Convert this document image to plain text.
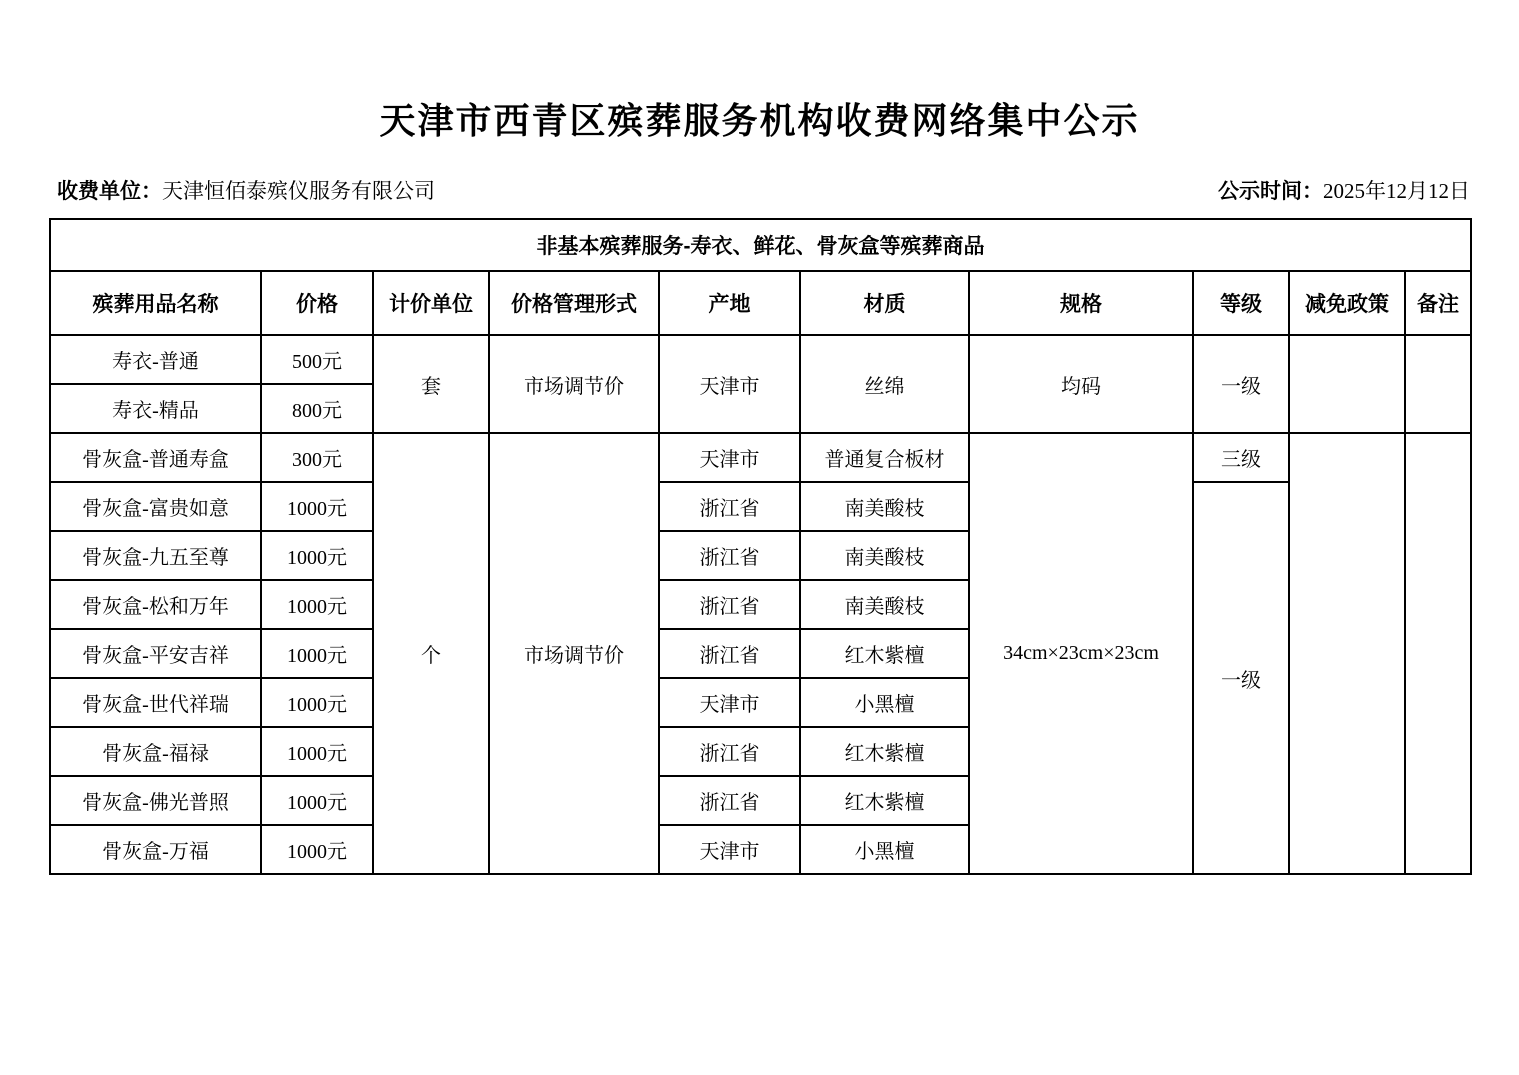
天津市西青区殡葬服务机构收费网络集中公示
收费单位：天津恒佰泰殡仪服务有限公司	公示时间：2025年12月12日
非基本殡葬服务-寿衣、鲜花、骨灰盒等殡葬商品									
殡葬用品名称	价格	计价单位	价格管理形式	产地	材质	规格	等级	减免政策	备注
寿衣-普通	500元	套	市场调节价	天津市	丝绵	均码	一级		
寿衣-精品	800元								
骨灰盒-普通寿盒	300元	个	市场调节价	天津市	普通复合板材	34cm×23cm×23cm	三级		
骨灰盒-富贵如意	1000元			浙江省	南美酸枝		一级		
骨灰盒-九五至尊	1000元			浙江省	南美酸枝				
骨灰盒-松和万年	1000元			浙江省	南美酸枝				
骨灰盒-平安吉祥	1000元			浙江省	红木紫檀				
骨灰盒-世代祥瑞	1000元			天津市	小黑檀				
骨灰盒-福禄	1000元			浙江省	红木紫檀				
骨灰盒-佛光普照	1000元			浙江省	红木紫檀				
骨灰盒-万福	1000元			天津市	小黑檀				
